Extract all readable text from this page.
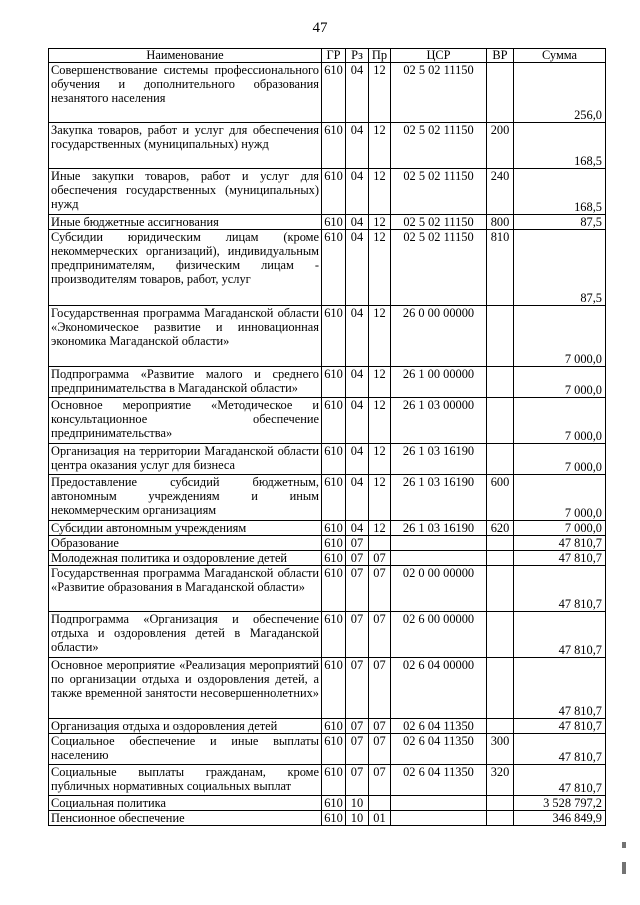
47
Наименование	ГР	Рз	Пр	ЦСР	ВР	Сумма
Совершенствование системы профессионального обучения и дополнительного образования незанятого населения	610	04	12	02 5 02 11150		256,0
Закупка товаров, работ и услуг для обеспечения государственных (муниципальных) нужд	610	04	12	02 5 02 11150	200	168,5
Иные закупки товаров, работ и услуг для обеспечения государственных (муниципальных) нужд	610	04	12	02 5 02 11150	240	168,5
Иные бюджетные ассигнования	610	04	12	02 5 02 11150	800	87,5
Субсидии юридическим лицам (кроме некоммерческих организаций), индивидуальным предпринимателям, физическим лицам - производителям товаров, работ, услуг	610	04	12	02 5 02 11150	810	87,5
Государственная программа Магаданской области «Экономическое развитие и инновационная экономика Магаданской области»	610	04	12	26 0 00 00000		7 000,0
Подпрограмма «Развитие малого и среднего предпринимательства в Магаданской области»	610	04	12	26 1 00 00000		7 000,0
Основное мероприятие «Методическое и консультационное обеспечение предпринимательства»	610	04	12	26 1 03 00000		7 000,0
Организация на территории Магаданской области центра оказания услуг для бизнеса	610	04	12	26 1 03 16190		7 000,0
Предоставление субсидий бюджетным, автономным учреждениям и иным некоммерческим организациям	610	04	12	26 1 03 16190	600	7 000,0
Субсидии автономным учреждениям	610	04	12	26 1 03 16190	620	7 000,0
Образование	610	07				47 810,7
Молодежная политика и оздоровление детей	610	07	07			47 810,7
Государственная программа Магаданской области «Развитие образования в Магаданской области»	610	07	07	02 0 00 00000		47 810,7
Подпрограмма «Организация и обеспечение отдыха и оздоровления детей в Магаданской области»	610	07	07	02 6 00 00000		47 810,7
Основное мероприятие «Реализация мероприятий по организации отдыха и оздоровления детей, а также временной занятости несовершеннолетних»	610	07	07	02 6 04 00000		47 810,7
Организация отдыха и оздоровления детей	610	07	07	02 6 04 11350		47 810,7
Социальное обеспечение и иные выплаты населению	610	07	07	02 6 04 11350	300	47 810,7
Социальные выплаты гражданам, кроме публичных нормативных социальных выплат	610	07	07	02 6 04 11350	320	47 810,7
Социальная политика	610	10				3 528 797,2
Пенсионное обеспечение	610	10	01			346 849,9
